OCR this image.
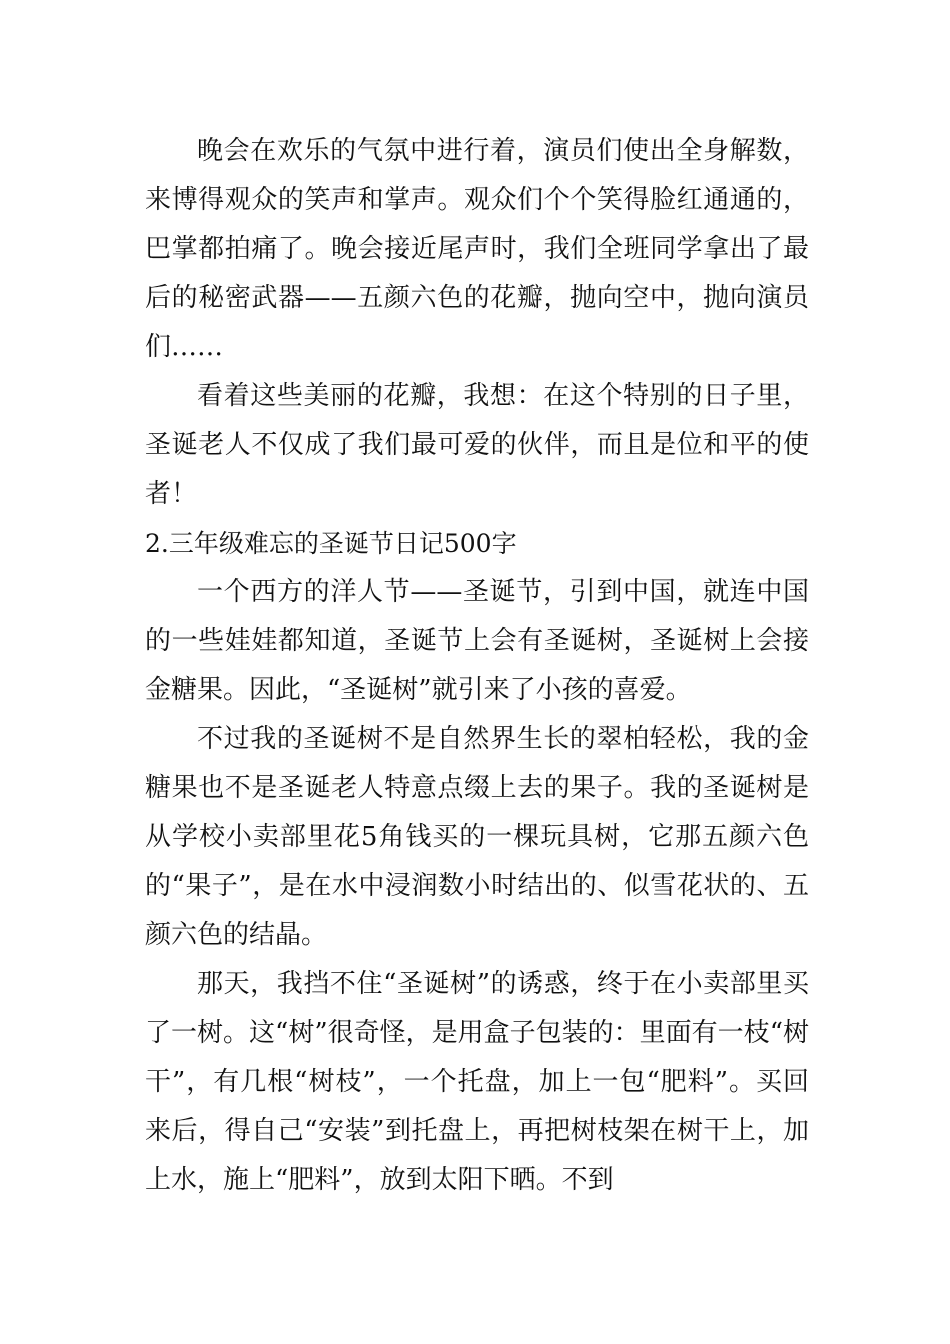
晚会在欢乐的气氛中进行着，演员们使出全身解数，来博得观众的笑声和掌声。观众们个个笑得脸红通通的，巴掌都拍痛了。晚会接近尾声时，我们全班同学拿出了最后的秘密武器——五颜六色的花瓣，抛向空中，抛向演员们……

看着这些美丽的花瓣，我想：在这个特别的日子里，圣诞老人不仅成了我们最可爱的伙伴，而且是位和平的使者！

2.三年级难忘的圣诞节日记500字

一个西方的洋人节——圣诞节，引到中国，就连中国的一些娃娃都知道，圣诞节上会有圣诞树，圣诞树上会接金糖果。因此，“圣诞树”就引来了小孩的喜爱。

不过我的圣诞树不是自然界生长的翠柏轻松，我的金糖果也不是圣诞老人特意点缀上去的果子。我的圣诞树是从学校小卖部里花5角钱买的一棵玩具树，它那五颜六色的“果子”，是在水中浸润数小时结出的、似雪花状的、五颜六色的结晶。

那天，我挡不住“圣诞树”的诱惑，终于在小卖部里买了一树。这“树”很奇怪，是用盒子包装的：里面有一枝“树干”，有几根“树枝”，一个托盘，加上一包“肥料”。买回来后，得自己“安装”到托盘上，再把树枝架在树干上，加上水，施上“肥料”，放到太阳下晒。不到
